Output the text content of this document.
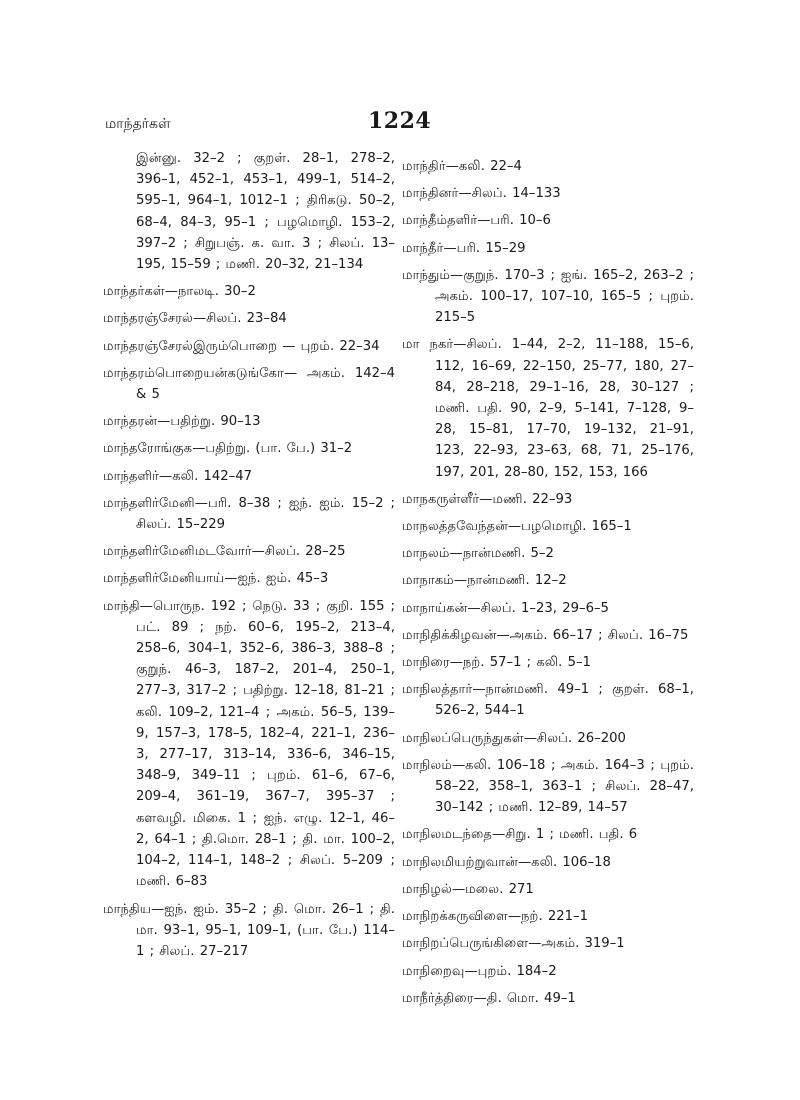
மாந்தர்கள்	1224
இன்னு. 32–2 ; குறள். 28–1, 278–2, 396–1, 452–1, 453–1, 499–1, 514–2, 595–1, 964–1, 1012–1 ; திரிகடு. 50–2, 68–4, 84–3, 95–1 ; பழமொழி. 153–2, 397–2 ; சிறுபஞ். க. வா. 3 ; சிலப். 13–195, 15–59 ; மணி. 20–32, 21–134
மாந்தர்கள்—நாலடி. 30–2
மாந்தரஞ்சேரல்—சிலப். 23–84
மாந்தரஞ்சேரல்இரும்பொறை — புறம். 22–34
மாந்தரம்பொறையன்கடுங்கோ— அகம். 142–4 & 5
மாந்தரன்—பதிற்று. 90–13
மாந்தரோங்குக—பதிற்று. (பா. பே.) 31–2
மாந்தளிர்—கலி. 142–47
மாந்தளிர்மேனி—பரி. 8–38 ; ஐந். ஐம். 15–2 ; சிலப். 15–229
மாந்தளிர்மேனிமடவோர்—சிலப். 28–25
மாந்தளிர்மேனியாய்—ஐந். ஐம். 45–3
மாந்தி—பொருந. 192 ; நெடு. 33 ; குறி. 155 ; பட். 89 ; நற். 60–6, 195–2, 213–4, 258–6, 304–1, 352–6, 386–3, 388–8 ; குறுந். 46–3, 187–2, 201–4, 250–1, 277–3, 317–2 ; பதிற்று. 12–18, 81–21 ; கலி. 109–2, 121–4 ; அகம். 56–5, 139–9, 157–3, 178–5, 182–4, 221–1, 236–3, 277–17, 313–14, 336–6, 346–15, 348–9, 349–11 ; புறம். 61–6, 67–6, 209–4, 361–19, 367–7, 395–37 ; களவழி. மிகை. 1 ; ஐந். எழு. 12–1, 46–2, 64–1 ; தி.மொ. 28–1 ; தி. மா. 100–2, 104–2, 114–1, 148–2 ; சிலப். 5–209 ; மணி. 6–83
மாந்திய—ஐந். ஐம். 35–2 ; தி. மொ. 26–1 ; தி. மா. 93–1, 95–1, 109–1, (பா. பே.) 114–1 ; சிலப். 27–217
மாந்திர்—கலி. 22–4
மாந்தினர்—சிலப். 14–133
மாந்தீம்தளிர்—பரி. 10–6
மாந்தீர்—பரி. 15–29
மாந்தும்—குறுந். 170–3 ; ஐங். 165–2, 263–2 ; அகம். 100–17, 107–10, 165–5 ; புறம். 215–5
மா நகர்—சிலப். 1–44, 2–2, 11–188, 15–6, 112, 16–69, 22–150, 25–77, 180, 27–84, 28–218, 29–1–16, 28, 30–127 ; மணி. பதி. 90, 2–9, 5–141, 7–128, 9–28, 15–81, 17–70, 19–132, 21–91, 123, 22–93, 23–63, 68, 71, 25–176, 197, 201, 28–80, 152, 153, 166
மாநகருள்ளீர்—மணி. 22–93
மாநலத்தவேந்தன்—பழமொழி. 165–1
மாநலம்—நான்மணி. 5–2
மாநாகம்—நான்மணி. 12–2
மாநாய்கன்—சிலப். 1–23, 29–6–5
மாநிதிக்கிழவன்—அகம். 66–17 ; சிலப். 16–75
மாநிரை—நற். 57–1 ; கலி. 5–1
மாநிலத்தார்—நான்மணி. 49–1 ; குறள். 68–1, 526–2, 544–1
மாநிலப்பெருந்துகள்—சிலப். 26–200
மாநிலம்—கலி. 106–18 ; அகம். 164–3 ; புறம். 58–22, 358–1, 363–1 ; சிலப். 28–47, 30–142 ; மணி. 12–89, 14–57
மாநிலமடந்தை—சிறு. 1 ; மணி. பதி. 6
மாநிலமியற்றுவான்—கலி. 106–18
மாநிழல்—மலை. 271
மாநிறக்கருவிளை—நற். 221–1
மாநிறப்பெருங்கிளை—அகம். 319–1
மாநிறைவு—புறம். 184–2
மாநீர்த்திரை—தி. மொ. 49–1
